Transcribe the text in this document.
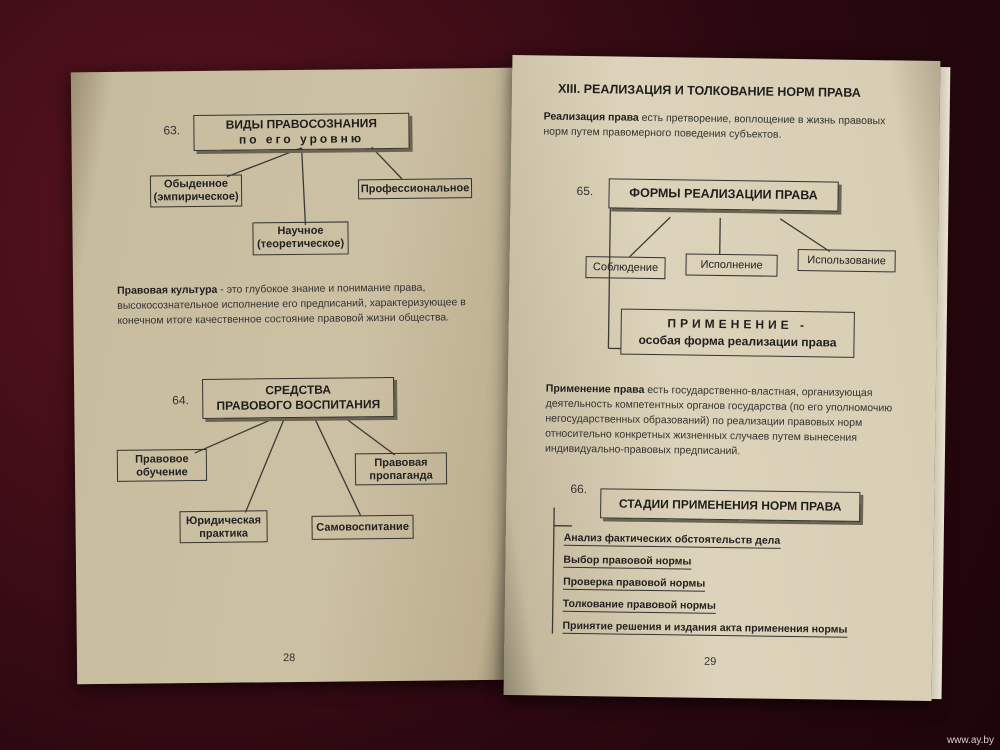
63.	ВИДЫ ПРАВОСОЗНАНИЯ
по его уровню
Обыденное
(эмпирическое)
Профессиональное
Научное
(теоретическое)
Правовая культура - это глубокое знание и понимание права, высокосознательное исполнение его предписаний, характеризующее в конечном итоге качественное состояние правовой жизни общества.
64.
СРЕДСТВА
ПРАВОВОГО ВОСПИТАНИЯ
Правовое
обучение
Правовая
пропаганда
Юридическая
практика	Самовоспитание
28
XIII. РЕАЛИЗАЦИЯ И ТОЛКОВАНИЕ НОРМ ПРАВА
Реализация права есть претворение, воплощение в жизнь правовых норм путем правомерного поведения субъектов.
65.	ФОРМЫ РЕАЛИЗАЦИИ ПРАВА
Соблюдение	Исполнение	Использование
ПРИМЕНЕНИЕ -
особая форма реализации права
Применение права есть государственно-властная, организующая деятельность компетентных органов государства (по его уполномочию негосударственных образований) по реализации правовых норм относительно конкретных жизненных случаев путем вынесения индивидуально-правовых предписаний.
66.
СТАДИИ ПРИМЕНЕНИЯ НОРМ ПРАВА
Анализ фактических обстоятельств дела
Выбор правовой нормы
Проверка правовой нормы
Толкование правовой нормы
Принятие решения и издания акта применения нормы
29
www.ay.by
